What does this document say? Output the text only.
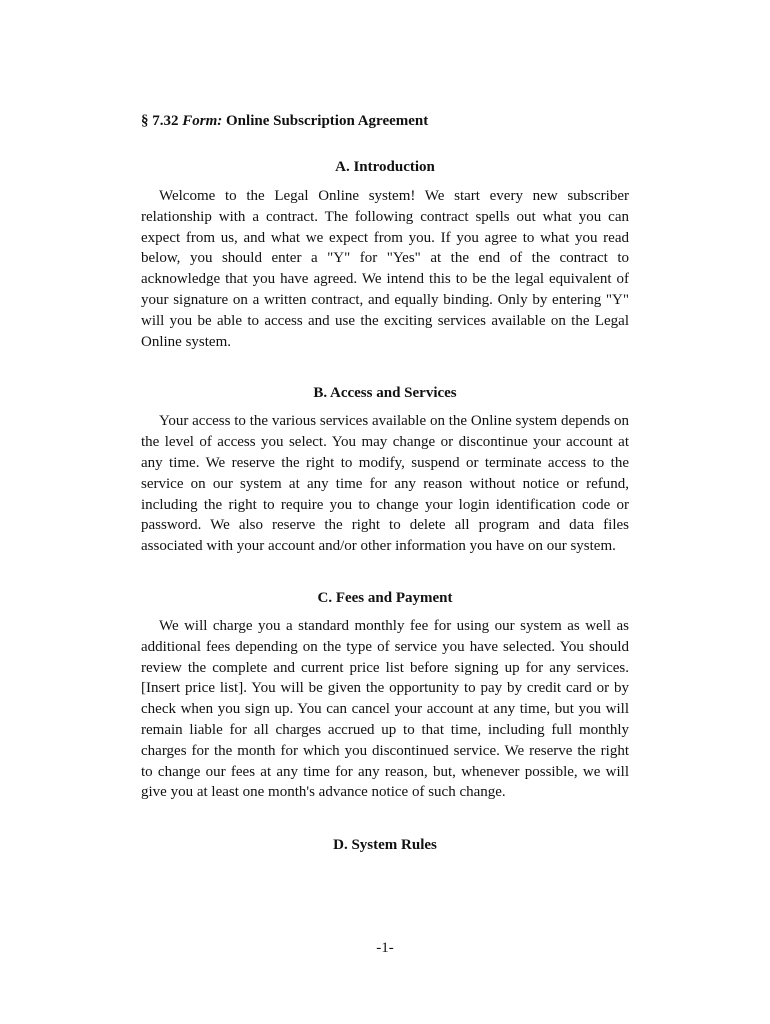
§ 7.32 Form: Online Subscription Agreement

A. Introduction

Welcome to the Legal Online system! We start every new subscriber relationship with a contract. The following contract spells out what you can expect from us, and what we expect from you. If you agree to what you read below, you should enter a "Y" for "Yes" at the end of the contract to acknowledge that you have agreed. We intend this to be the legal equivalent of your signature on a written contract, and equally binding. Only by entering "Y" will you be able to access and use the exciting services available on the Legal Online system.

B. Access and Services

Your access to the various services available on the Online system depends on the level of access you select. You may change or discontinue your account at any time. We reserve the right to modify, suspend or terminate access to the service on our system at any time for any reason without notice or refund, including the right to require you to change your login identification code or password. We also reserve the right to delete all program and data files associated with your account and/or other information you have on our system.

C. Fees and Payment

We will charge you a standard monthly fee for using our system as well as additional fees depending on the type of service you have selected. You should review the complete and current price list before signing up for any services. [Insert price list]. You will be given the opportunity to pay by credit card or by check when you sign up. You can cancel your account at any time, but you will remain liable for all charges accrued up to that time, including full monthly charges for the month for which you discontinued service. We reserve the right to change our fees at any time for any reason, but, whenever possible, we will give you at least one month's advance notice of such change.

D. System Rules
-1-
